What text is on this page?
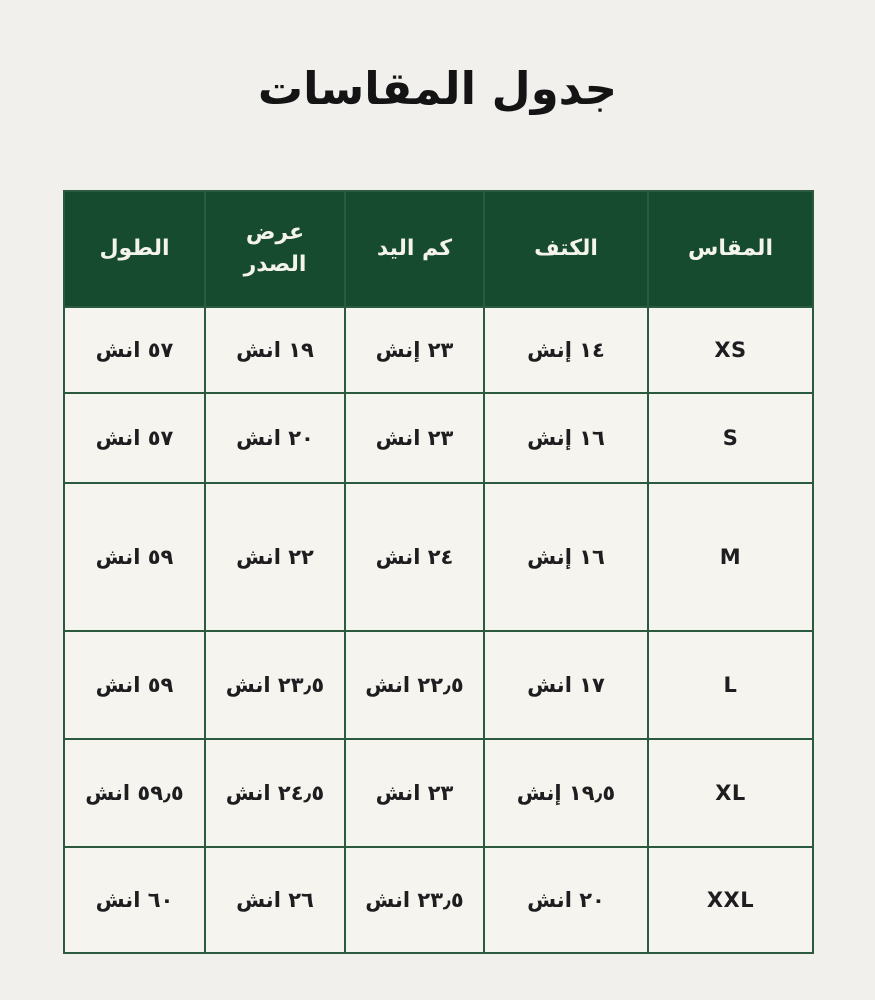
جدول المقاسات
المقاس	الكتف	كم اليد	عرض الصدر	الطول
XS	١٤ إنش	٢٣ إنش	١٩ انش	٥٧ انش
S	١٦ إنش	٢٣ انش	٢٠ انش	٥٧ انش
M	١٦ إنش	٢٤ انش	٢٢ انش	٥٩ انش
L	١٧ انش	٢٢٫٥ انش	٢٣٫٥ انش	٥٩ انش
XL	١٩٫٥ إنش	٢٣ انش	٢٤٫٥ انش	٥٩٫٥ انش
XXL	٢٠ انش	٢٣٫٥ انش	٢٦ انش	٦٠ انش
